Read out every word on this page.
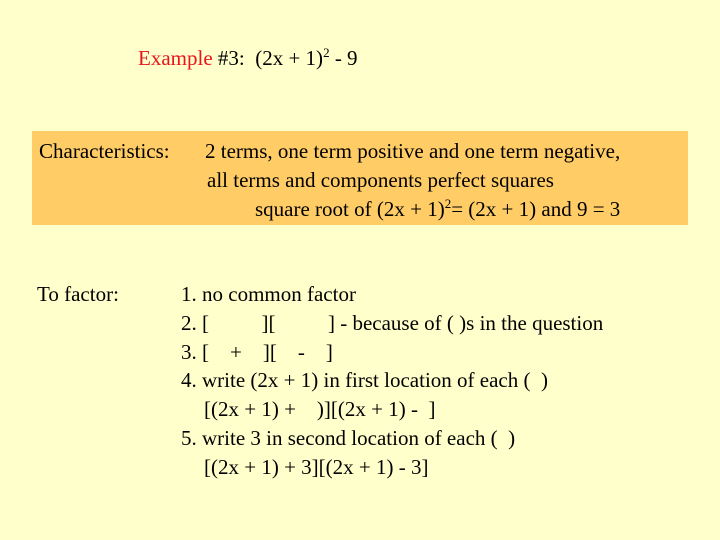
Example #3:  $(2x + 1)^2 - 9$
Characteristics: 2 terms, one term positive and one term negative,
all terms and components perfect squares
square root of $(2x + 1)^2= (2x + 1)$ and 9 = 3
To factor:	1. no common factor
2. [          ][          ] - because of ( )s in the question
3. [    +    ][    -    ]
4. write (2x + 1) in first location of each (  )
[(2x + 1) +    )][(2x + 1) -  ]
5. write 3 in second location of each (  )
[(2x + 1) + 3][(2x + 1) - 3]
